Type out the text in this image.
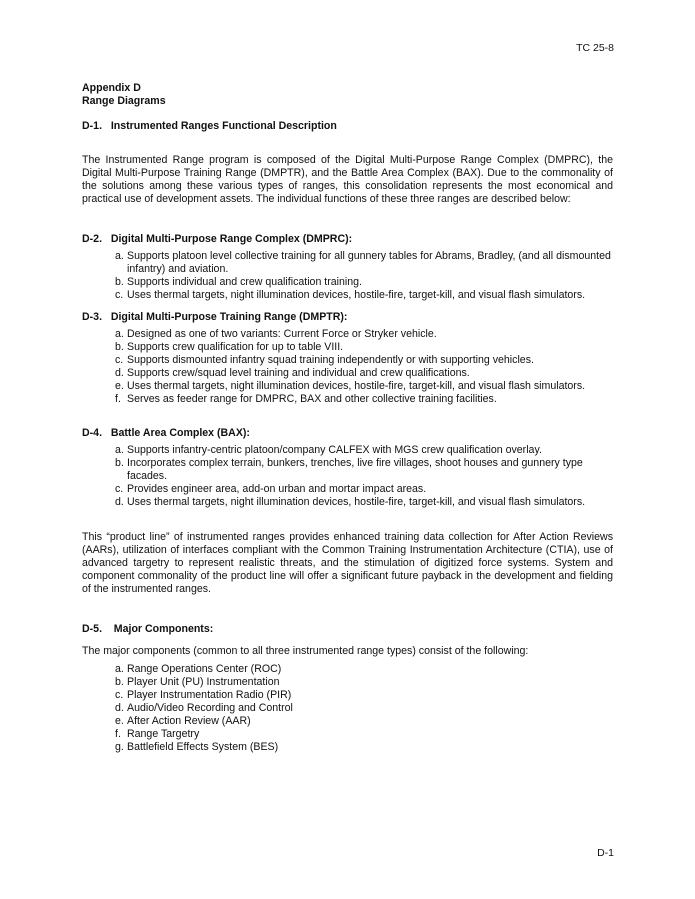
TC 25-8
Appendix D
Range Diagrams
D-1.   Instrumented Ranges Functional Description
The Instrumented Range program is composed of the Digital Multi-Purpose Range Complex (DMPRC), the Digital Multi-Purpose Training Range (DMPTR), and the Battle Area Complex (BAX). Due to the commonality of the solutions among these various types of ranges, this consolidation represents the most economical and practical use of development assets. The individual functions of these three ranges are described below:
D-2.   Digital Multi-Purpose Range Complex (DMPRC):
a. Supports platoon level collective training for all gunnery tables for Abrams, Bradley, (and all dismounted infantry) and aviation.
b. Supports individual and crew qualification training.
c. Uses thermal targets, night illumination devices, hostile-fire, target-kill, and visual flash simulators.
D-3.   Digital Multi-Purpose Training Range (DMPTR):
a. Designed as one of two variants: Current Force or Stryker vehicle.
b. Supports crew qualification for up to table VIII.
c. Supports dismounted infantry squad training independently or with supporting vehicles.
d. Supports crew/squad level training and individual and crew qualifications.
e. Uses thermal targets, night illumination devices, hostile-fire, target-kill, and visual flash simulators.
f. Serves as feeder range for DMPRC, BAX and other collective training facilities.
D-4.   Battle Area Complex (BAX):
a. Supports infantry-centric platoon/company CALFEX with MGS crew qualification overlay.
b. Incorporates complex terrain, bunkers, trenches, live fire villages, shoot houses and gunnery type facades.
c. Provides engineer area, add-on urban and mortar impact areas.
d. Uses thermal targets, night illumination devices, hostile-fire, target-kill, and visual flash simulators.
This “product line” of instrumented ranges provides enhanced training data collection for After Action Reviews (AARs), utilization of interfaces compliant with the Common Training Instrumentation Architecture (CTIA), use of advanced targetry to represent realistic threats, and the stimulation of digitized force systems. System and component commonality of the product line will offer a significant future payback in the development and fielding of the instrumented ranges.
D-5.    Major Components:
The major components (common to all three instrumented range types) consist of the following:
a. Range Operations Center (ROC)
b. Player Unit (PU) Instrumentation
c. Player Instrumentation Radio (PIR)
d. Audio/Video Recording and Control
e. After Action Review (AAR)
f. Range Targetry
g. Battlefield Effects System (BES)
D-1
